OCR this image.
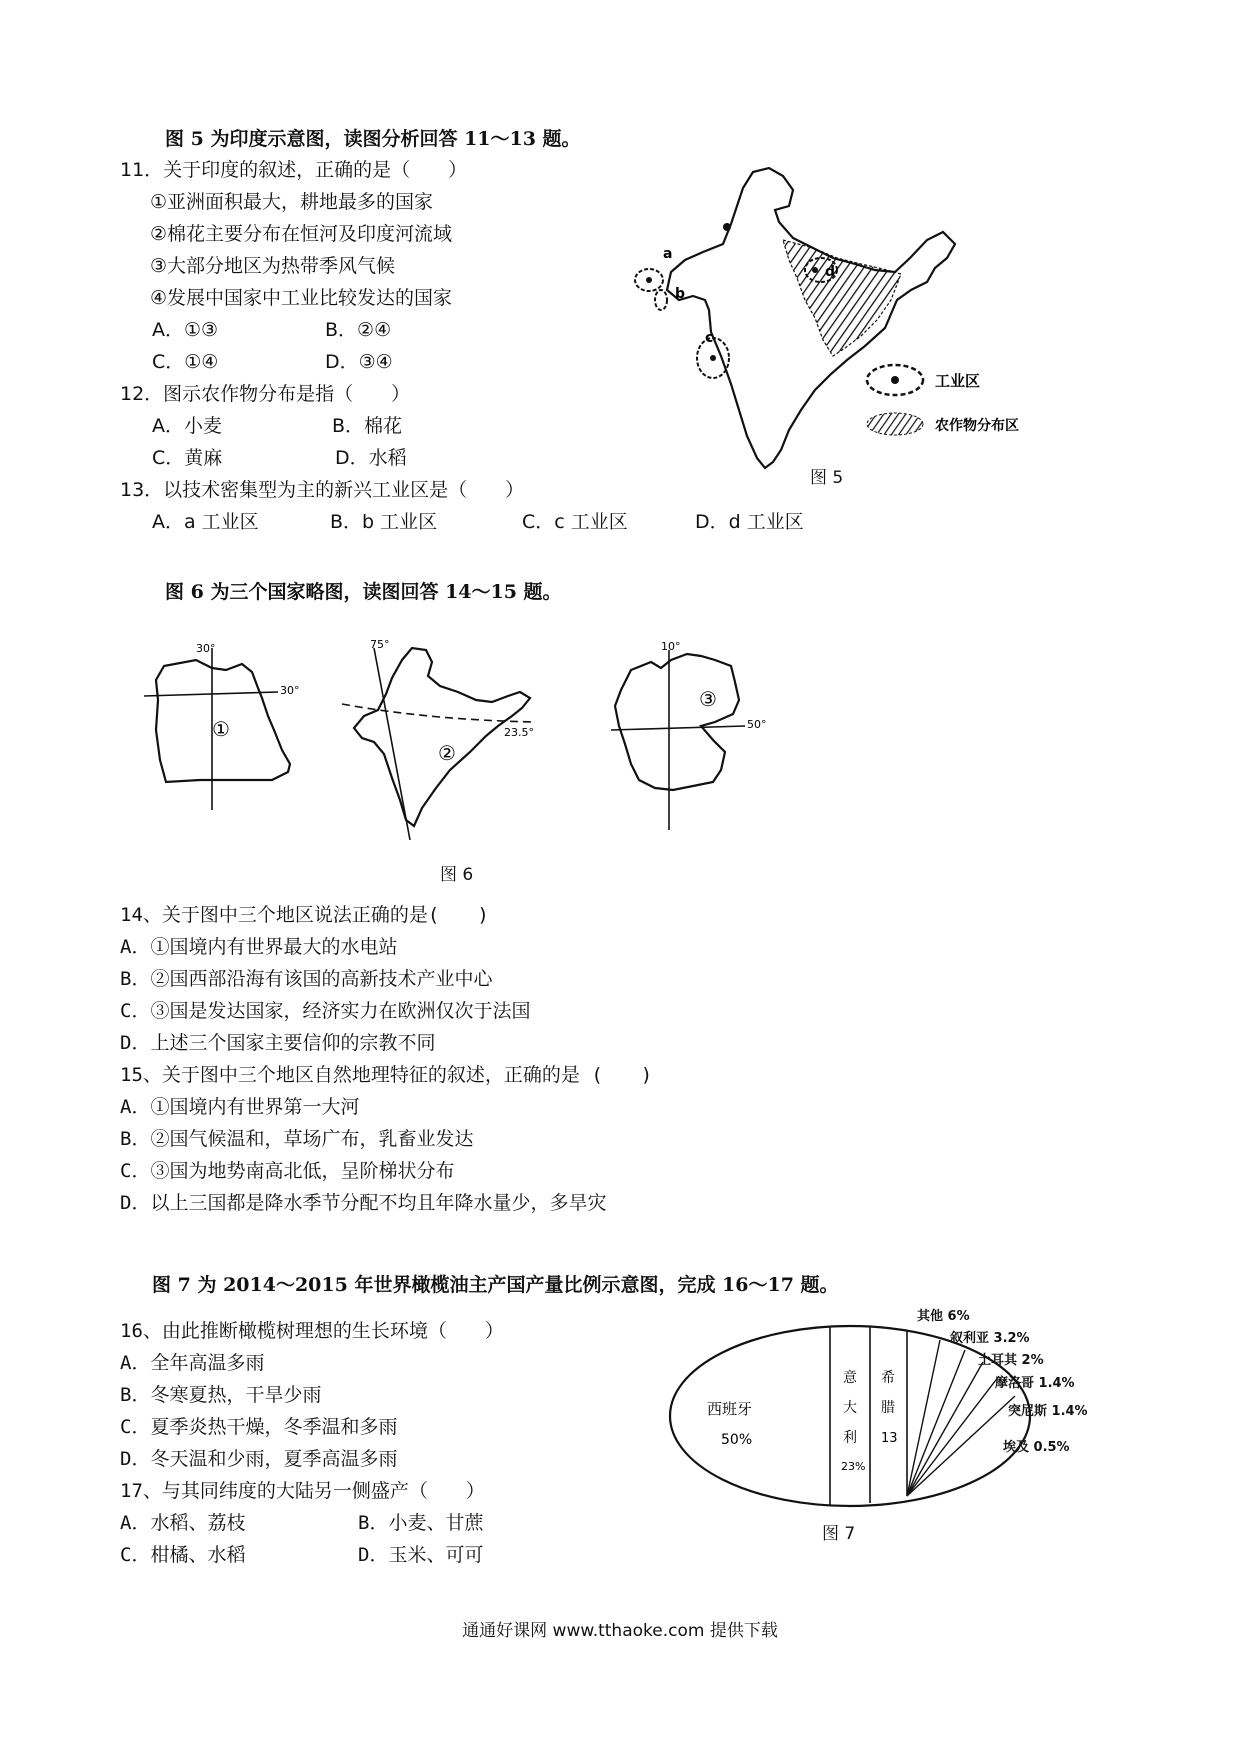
图 5 为印度示意图，读图分析回答 11～13 题。
11．关于印度的叙述，正确的是（　　）
①亚洲面积最大，耕地最多的国家
②棉花主要分布在恒河及印度河流域
③大部分地区为热带季风气候
④发展中国家中工业比较发达的国家
A．①③	B．②④
C．①④	D．③④
12．图示农作物分布是指（　　）
A．小麦	B．棉花
C．黄麻	D．水稻
13．以技术密集型为主的新兴工业区是（　　）
A．a 工业区	B．b 工业区	C．c 工业区	D．d 工业区
a
b
c
d
工业区
农作物分布区
图 5
图 6 为三个国家略图，读图回答 14～15 题。
30°
30°
①
75°
23.5°
②
10°
50°
③
图 6
14、关于图中三个地区说法正确的是(　　)
A．①国境内有世界最大的水电站
B．②国西部沿海有该国的高新技术产业中心
C．③国是发达国家，经济实力在欧洲仅次于法国
D．上述三个国家主要信仰的宗教不同
15、关于图中三个地区自然地理特征的叙述，正确的是 (　　)
A．①国境内有世界第一大河
B．②国气候温和，草场广布，乳畜业发达
C．③国为地势南高北低，呈阶梯状分布
D．以上三国都是降水季节分配不均且年降水量少，多旱灾
图 7 为 2014～2015 年世界橄榄油主产国产量比例示意图，完成 16～17 题。
16、由此推断橄榄树理想的生长环境（　　）
A．全年高温多雨
B．冬寒夏热，干旱少雨
C．夏季炎热干燥，冬季温和多雨
D．冬天温和少雨，夏季高温多雨
17、与其同纬度的大陆另一侧盛产（　　）
A．水稻、荔枝	B．小麦、甘蔗
C．柑橘、水稻	D．玉米、可可
西班牙
50%
意
大
利
23%
希
腊
13
其他 6%
叙利亚 3.2%
土耳其 2%
摩洛哥 1.4%
突尼斯 1.4%
埃及 0.5%
图 7
通通好课网 www.tthaoke.com 提供下载
